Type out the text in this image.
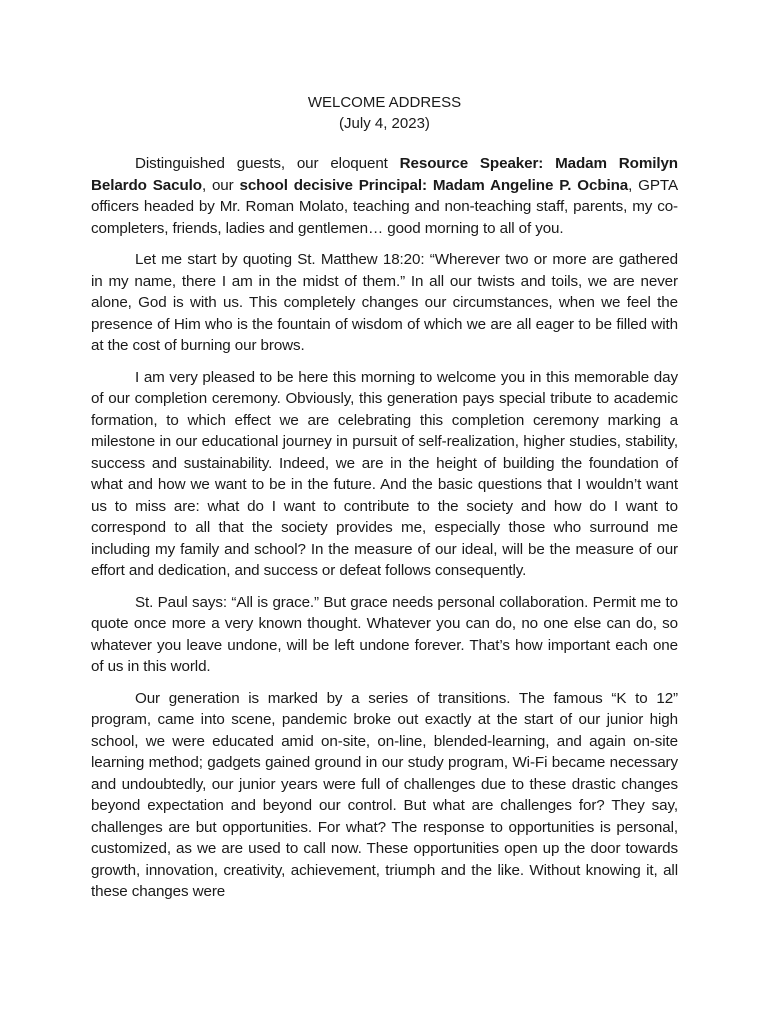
WELCOME ADDRESS

(July 4, 2023)

Distinguished guests, our eloquent Resource Speaker: Madam Romilyn Belardo Saculo, our school decisive Principal: Madam Angeline P. Ocbina, GPTA officers headed by Mr. Roman Molato, teaching and non-teaching staff, parents, my co-completers, friends, ladies and gentlemen… good morning to all of you.

Let me start by quoting St. Matthew 18:20: “Wherever two or more are gathered in my name, there I am in the midst of them.” In all our twists and toils, we are never alone, God is with us. This completely changes our circumstances, when we feel the presence of Him who is the fountain of wisdom of which we are all eager to be filled with at the cost of burning our brows.

I am very pleased to be here this morning to welcome you in this memorable day of our completion ceremony. Obviously, this generation pays special tribute to academic formation, to which effect we are celebrating this completion ceremony marking a milestone in our educational journey in pursuit of self-realization, higher studies, stability, success and sustainability. Indeed, we are in the height of building the foundation of what and how we want to be in the future. And the basic questions that I wouldn’t want us to miss are: what do I want to contribute to the society and how do I want to correspond to all that the society provides me, especially those who surround me including my family and school? In the measure of our ideal, will be the measure of our effort and dedication, and success or defeat follows consequently.

St. Paul says: “All is grace.” But grace needs personal collaboration. Permit me to quote once more a very known thought. Whatever you can do, no one else can do, so whatever you leave undone, will be left undone forever. That’s how important each one of us in this world.

Our generation is marked by a series of transitions. The famous “K to 12” program, came into scene, pandemic broke out exactly at the start of our junior high school, we were educated amid on-site, on-line, blended-learning, and again on-site learning method; gadgets gained ground in our study program, Wi-Fi became necessary and undoubtedly, our junior years were full of challenges due to these drastic changes beyond expectation and beyond our control. But what are challenges for? They say, challenges are but opportunities. For what? The response to opportunities is personal, customized, as we are used to call now. These opportunities open up the door towards growth, innovation, creativity, achievement, triumph and the like. Without knowing it, all these changes were
